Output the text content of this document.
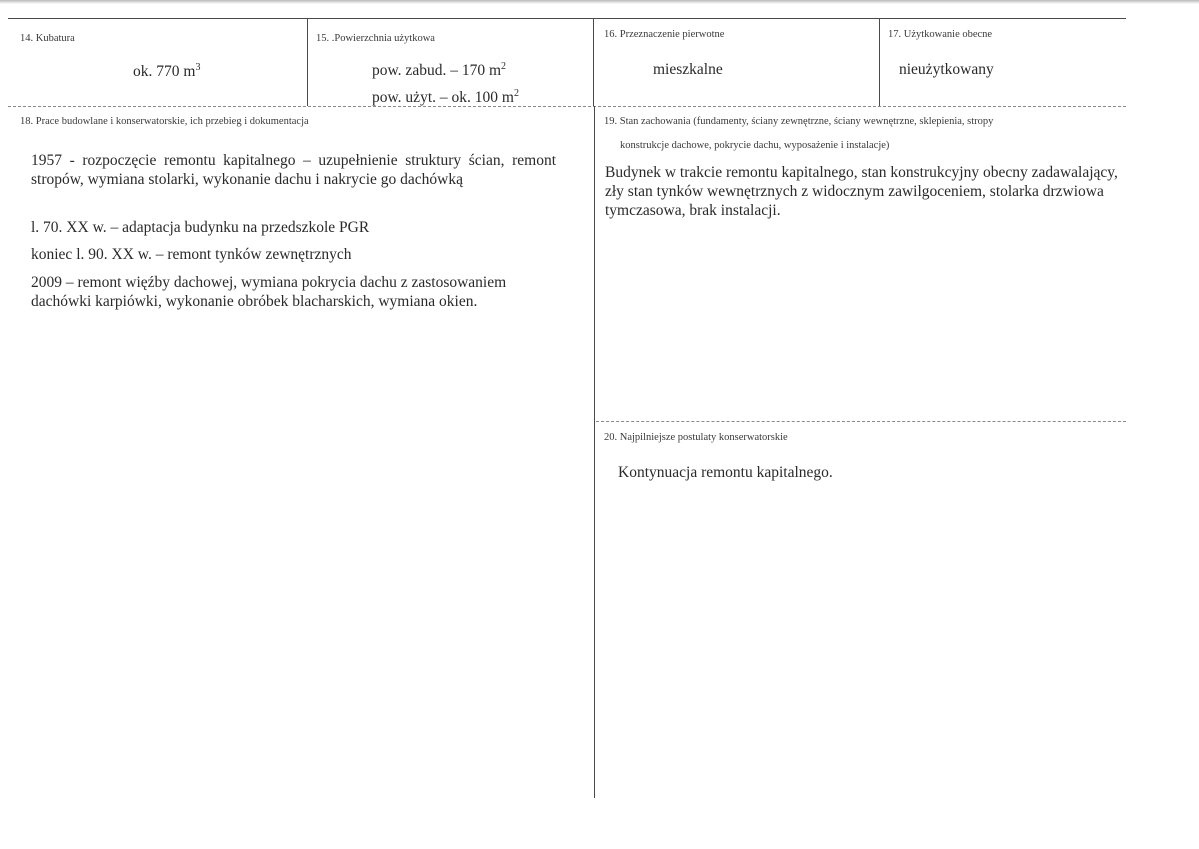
14. Kubatura
ok. 770 $m^3$
15. .Powierzchnia użytkowa
pow. zabud. – 170 $m^2$
pow. użyt. – ok. 100 $m^2$
16. Przeznaczenie pierwotne
mieszkalne
17. Użytkowanie obecne
nieużytkowany
18. Prace budowlane i konserwatorskie, ich przebieg i dokumentacja
1957 - rozpoczęcie remontu kapitalnego – uzupełnienie struktury ścian, remont stropów, wymiana stolarki, wykonanie dachu i nakrycie go dachówką
l. 70. XX w. – adaptacja budynku na przedszkole PGR
koniec l. 90. XX w. – remont tynków zewnętrznych
2009 – remont więźby dachowej, wymiana pokrycia dachu z zastosowaniem dachówki karpiówki, wykonanie obróbek blacharskich, wymiana okien.
19. Stan zachowania (fundamenty, ściany zewnętrzne, ściany wewnętrzne, sklepienia, stropy
konstrukcje dachowe, pokrycie dachu, wyposażenie i instalacje)
Budynek w trakcie remontu kapitalnego, stan konstrukcyjny obecny zadawalający, zły stan tynków wewnętrznych z widocznym zawilgoceniem, stolarka drzwiowa tymczasowa, brak instalacji.
20. Najpilniejsze postulaty konserwatorskie
Kontynuacja remontu kapitalnego.
